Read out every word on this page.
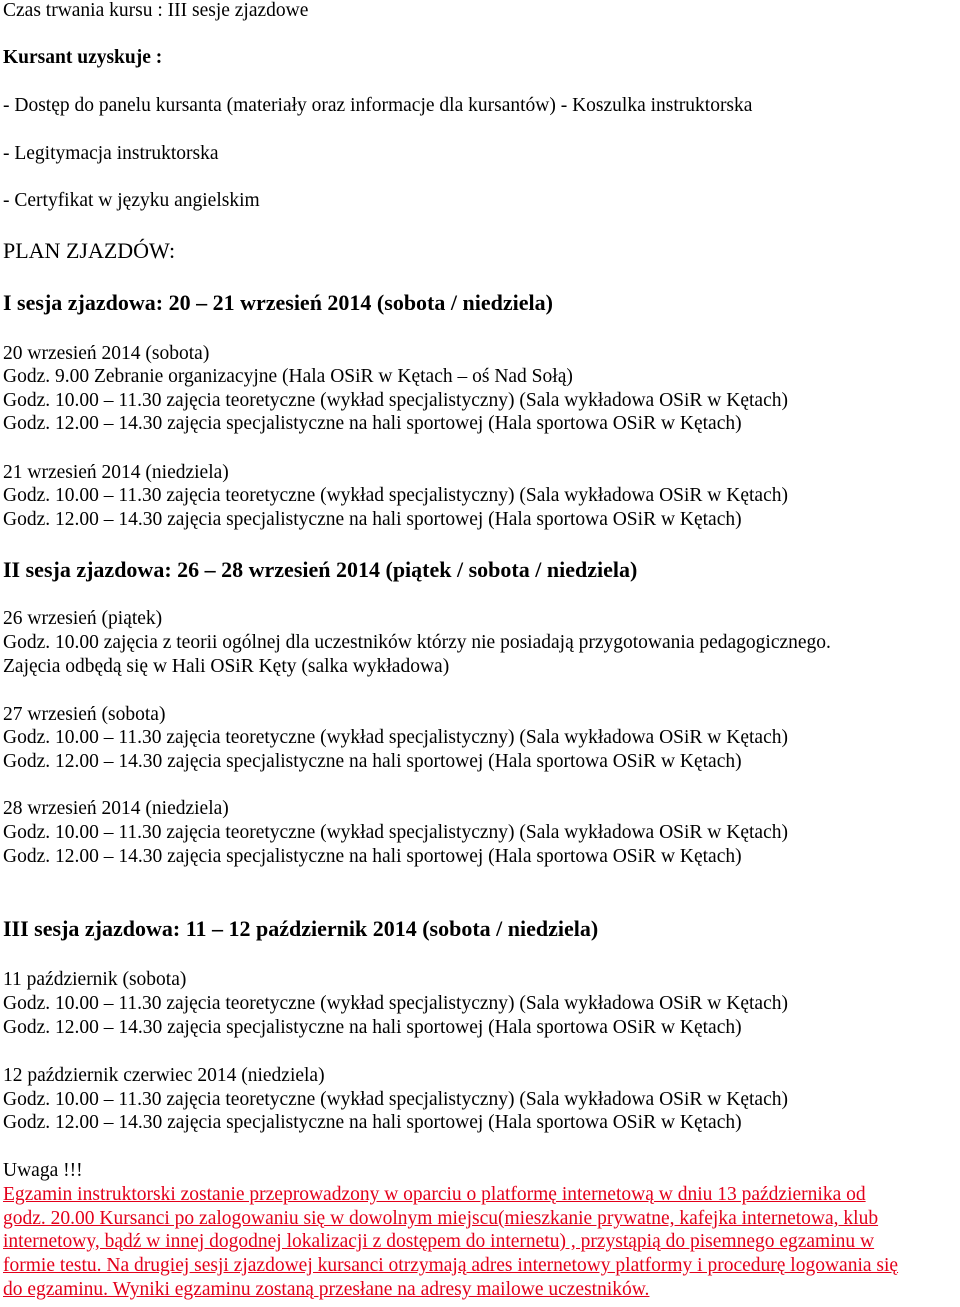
Czas trwania kursu : III sesje zjazdowe
Kursant uzyskuje :
- Dostęp do panelu kursanta (materiały oraz informacje dla kursantów) - Koszulka instruktorska
- Legitymacja instruktorska
- Certyfikat w języku angielskim
PLAN ZJAZDÓW:
I sesja zjazdowa: 20 – 21 wrzesień 2014 (sobota / niedziela)
20 wrzesień 2014 (sobota)
Godz. 9.00 Zebranie organizacyjne (Hala OSiR w Kętach – oś Nad Sołą)
Godz. 10.00 – 11.30 zajęcia teoretyczne (wykład specjalistyczny) (Sala wykładowa OSiR w Kętach)
Godz. 12.00 – 14.30 zajęcia specjalistyczne na hali sportowej (Hala sportowa OSiR w Kętach)
21 wrzesień 2014 (niedziela)
Godz. 10.00 – 11.30 zajęcia teoretyczne (wykład specjalistyczny) (Sala wykładowa OSiR w Kętach)
Godz. 12.00 – 14.30 zajęcia specjalistyczne na hali sportowej (Hala sportowa OSiR w Kętach)
II sesja zjazdowa: 26 – 28 wrzesień 2014 (piątek / sobota / niedziela)
26 wrzesień (piątek)
Godz. 10.00 zajęcia z teorii ogólnej dla uczestników którzy nie posiadają przygotowania pedagogicznego.
Zajęcia odbędą się w Hali OSiR Kęty (salka wykładowa)
27 wrzesień (sobota)
Godz. 10.00 – 11.30 zajęcia teoretyczne (wykład specjalistyczny) (Sala wykładowa OSiR w Kętach)
Godz. 12.00 – 14.30 zajęcia specjalistyczne na hali sportowej (Hala sportowa OSiR w Kętach)
28 wrzesień 2014 (niedziela)
Godz. 10.00 – 11.30 zajęcia teoretyczne (wykład specjalistyczny) (Sala wykładowa OSiR w Kętach)
Godz. 12.00 – 14.30 zajęcia specjalistyczne na hali sportowej (Hala sportowa OSiR w Kętach)
III sesja zjazdowa: 11 – 12 październik 2014 (sobota / niedziela)
11 październik (sobota)
Godz. 10.00 – 11.30 zajęcia teoretyczne (wykład specjalistyczny) (Sala wykładowa OSiR w Kętach)
Godz. 12.00 – 14.30 zajęcia specjalistyczne na hali sportowej (Hala sportowa OSiR w Kętach)
12 październik czerwiec 2014 (niedziela)
Godz. 10.00 – 11.30 zajęcia teoretyczne (wykład specjalistyczny) (Sala wykładowa OSiR w Kętach)
Godz. 12.00 – 14.30 zajęcia specjalistyczne na hali sportowej (Hala sportowa OSiR w Kętach)
Uwaga !!!
Egzamin instruktorski zostanie przeprowadzony w oparciu o platformę internetową w dniu 13 października od
godz. 20.00 Kursanci po zalogowaniu się w dowolnym miejscu(mieszkanie prywatne, kafejka internetowa, klub
internetowy, bądź w innej dogodnej lokalizacji z dostępem do internetu) , przystąpią do pisemnego egzaminu w
formie testu. Na drugiej sesji zjazdowej kursanci otrzymają adres internetowy platformy i procedurę logowania się
do egzaminu. Wyniki egzaminu zostaną przesłane na adresy mailowe uczestników.
